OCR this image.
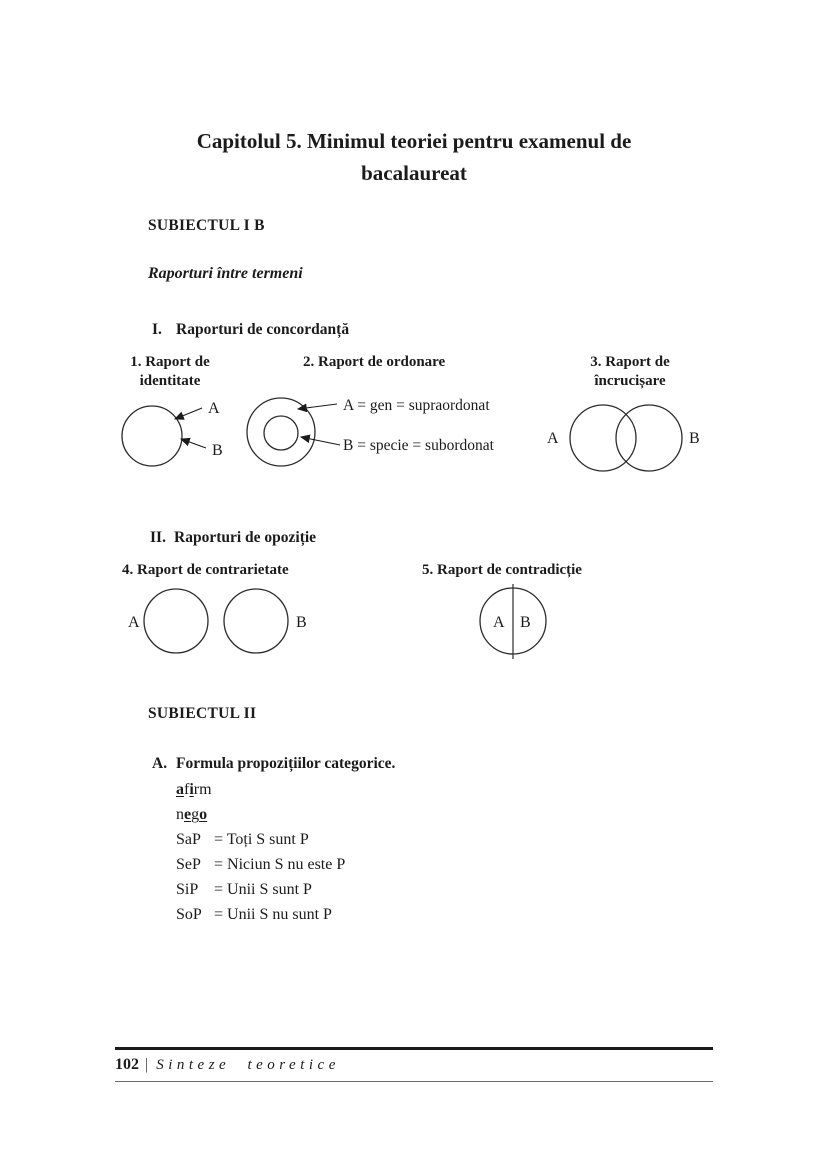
Capitolul 5. Minimul teoriei pentru examenul de bacalaureat
SUBIECTUL I B
Raporturi între termeni
I. Raporturi de concordanță
1. Raport de
identitate
A
B
2. Raport de ordonare
A = gen = supraordonat
B = specie = subordonat
3. Raport de
încrucișare
A	B
II. Raporturi de opoziție
4. Raport de contrarietate
A	B
5. Raport de contradicție
A B
SUBIECTUL II
A. Formula propozițiilor categorice.
afirm
nego
SaP = Toți S sunt P
SeP = Niciun S nu este P
SiP = Unii S sunt P
SoP = Unii S nu sunt P
102 | Sinteze teoretice
